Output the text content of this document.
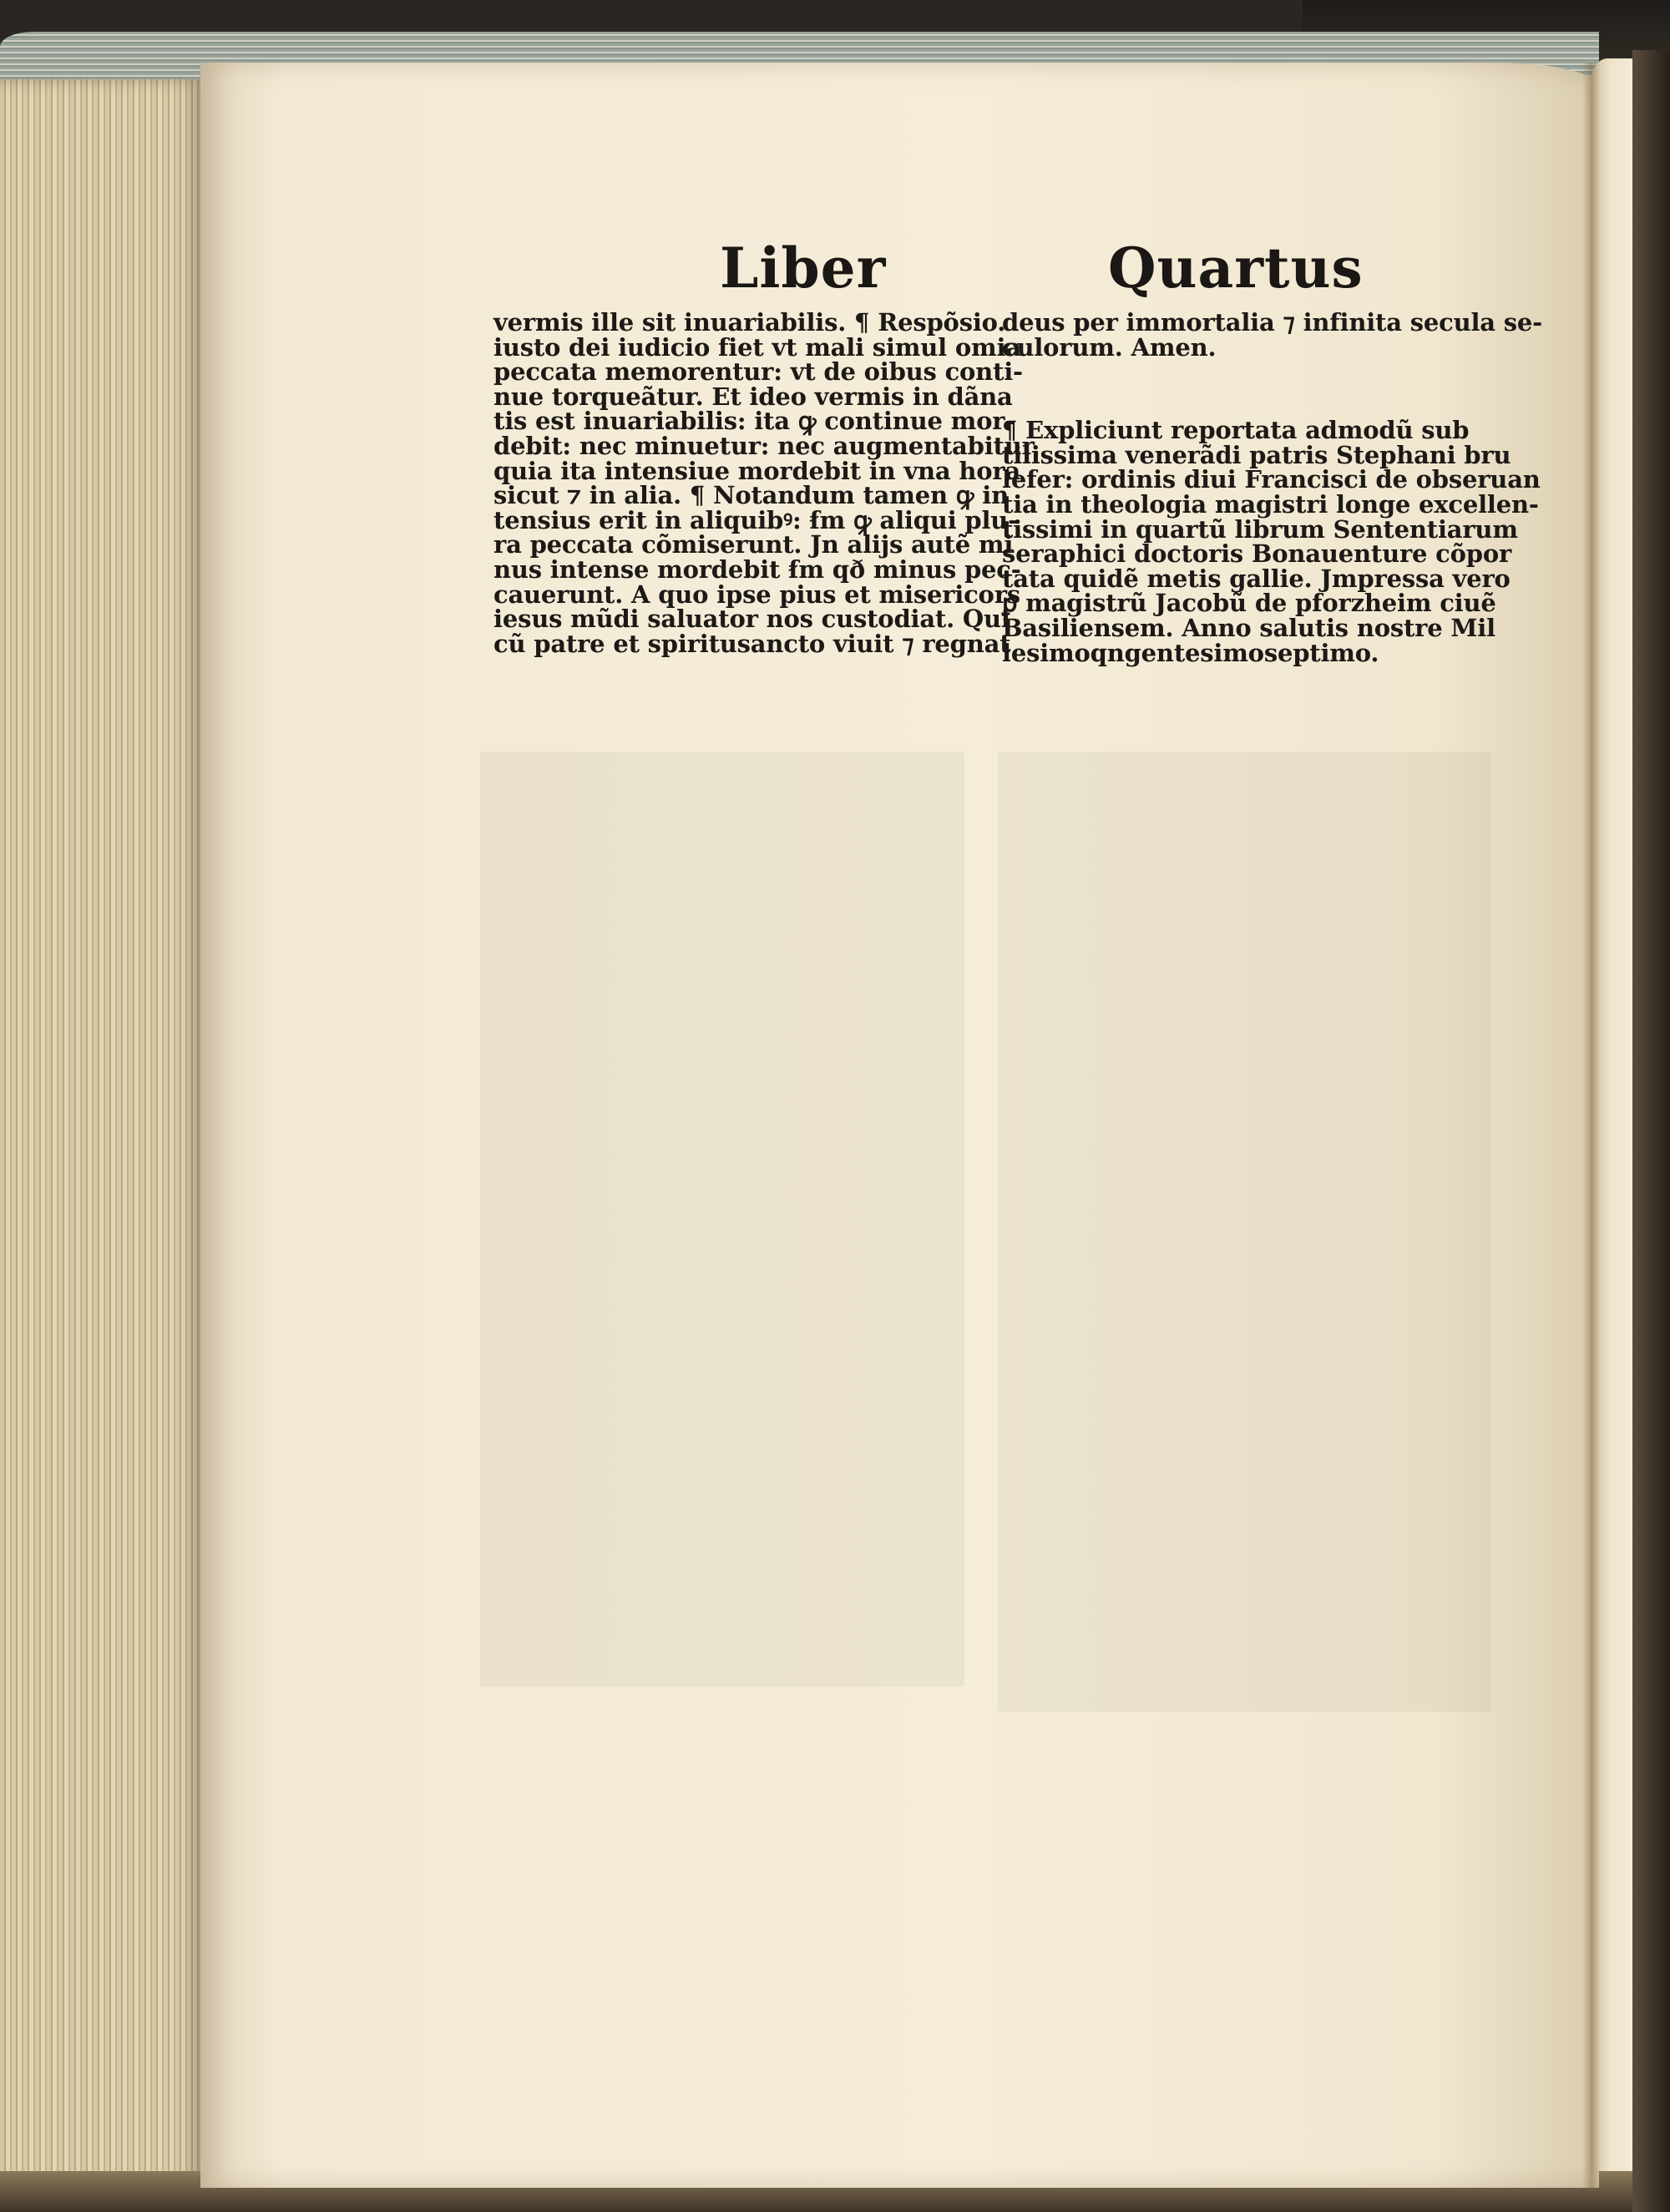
Liber	Quartus
vermis ille sit inuariabilis. ¶ Respõsio.
iusto dei iudicio fiet vt mali simul omia
peccata memorentur: vt de oibus conti‑
nue torqueãtur. Et ideo vermis in dãna
tis est inuariabilis: ita ꝙ continue mor‑
debit: nec minuetur: nec augmentabitur
quia ita intensiue mordebit in vna hora
sicut ⁊ in alia. ¶ Notandum tamen ꝙ in
tensius erit in aliquibꝰ: ẜm ꝙ aliqui plu‑
ra peccata cõmiserunt. Jn alijs autẽ mi
nus intense mordebit ẜm qð minus pec‑
cauerunt. A quo ipse pius et misericors
iesus mũdi saluator nos custodiat. Qui
cũ patre et spiritusancto viuit ⁊ regnat
deus per immortalia ⁊ infinita secula se‑
culorum. Amen.
¶ Expliciunt reportata admodũ sub
tilissima venerãdi patris Stephani bru
lefer: ordinis diui Francisci de obseruan
tia in theologia magistri longe excellen‑
tissimi in quartũ librum Sententiarum
seraphici doctoris Bonauenture cõpor
tata quidẽ metis gallie. Jmpressa vero
ꝑ magistrũ Jacobũ de pforzheim ciuẽ
Basiliensem. Anno salutis nostre Mil
lesimoqngentesimoseptimo.
